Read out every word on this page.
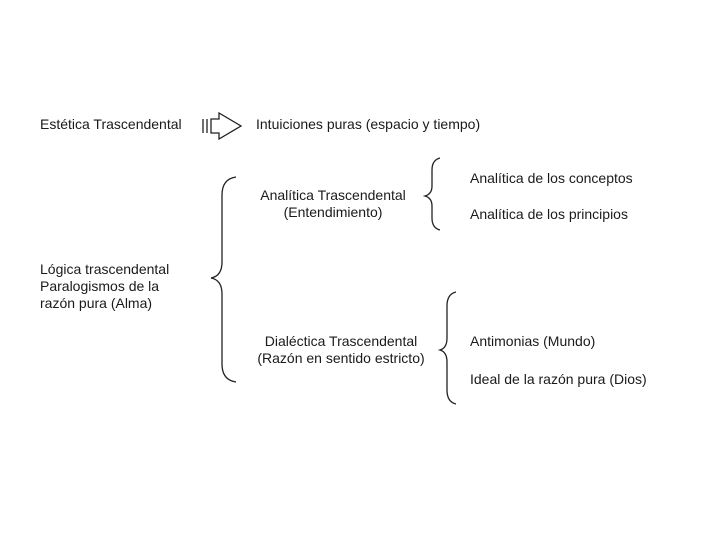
Estética Trascendental	Intuiciones puras (espacio y tiempo)
Lógica trascendental
Paralogismos de la
razón pura (Alma)
Analítica Trascendental
(Entendimiento)
Analítica de los conceptos
Analítica de los principios
Dialéctica Trascendental
(Razón en sentido estricto)
Antimonias (Mundo)
Ideal de la razón pura (Dios)
